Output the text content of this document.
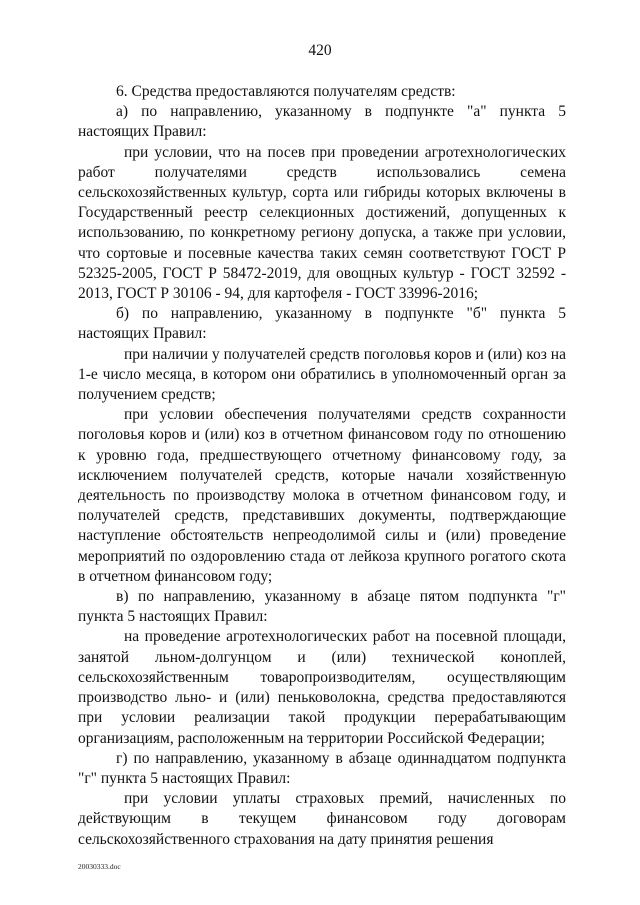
420

6. Средства предоставляются получателям средств:

а) по направлению, указанному в подпункте "а" пункта 5 настоящих Правил:

при условии, что на посев при проведении агротехнологических работ получателями средств использовались семена сельскохозяйственных культур, сорта или гибриды которых включены в Государственный реестр селекционных достижений, допущенных к использованию, по конкретному региону допуска, а также при условии, что сортовые и посевные качества таких семян соответствуют ГОСТ Р 52325-2005, ГОСТ Р 58472-2019, для овощных культур - ГОСТ 32592 - 2013, ГОСТ Р 30106 - 94, для картофеля - ГОСТ 33996-2016;

б) по направлению, указанному в подпункте "б" пункта 5 настоящих Правил:

при наличии у получателей средств поголовья коров и (или) коз на 1-е число месяца, в котором они обратились в уполномоченный орган за получением средств;

при условии обеспечения получателями средств сохранности поголовья коров и (или) коз в отчетном финансовом году по отношению к уровню года, предшествующего отчетному финансовому году, за исключением получателей средств, которые начали хозяйственную деятельность по производству молока в отчетном финансовом году, и получателей средств, представивших документы, подтверждающие наступление обстоятельств непреодолимой силы и (или) проведение мероприятий по оздоровлению стада от лейкоза крупного рогатого скота в отчетном финансовом году;

в) по направлению, указанному в абзаце пятом подпункта "г" пункта 5 настоящих Правил:

на проведение агротехнологических работ на посевной площади, занятой льном-долгунцом и (или) технической коноплей, сельскохозяйственным товаропроизводителям, осуществляющим производство льно- и (или) пеньковолокна, средства предоставляются при условии реализации такой продукции перерабатывающим организациям, расположенным на территории Российской Федерации;

г) по направлению, указанному в абзаце одиннадцатом подпункта "г" пункта 5 настоящих Правил:

при условии уплаты страховых премий, начисленных по действующим в текущем финансовом году договорам сельскохозяйственного страхования на дату принятия решения

20030333.doc
